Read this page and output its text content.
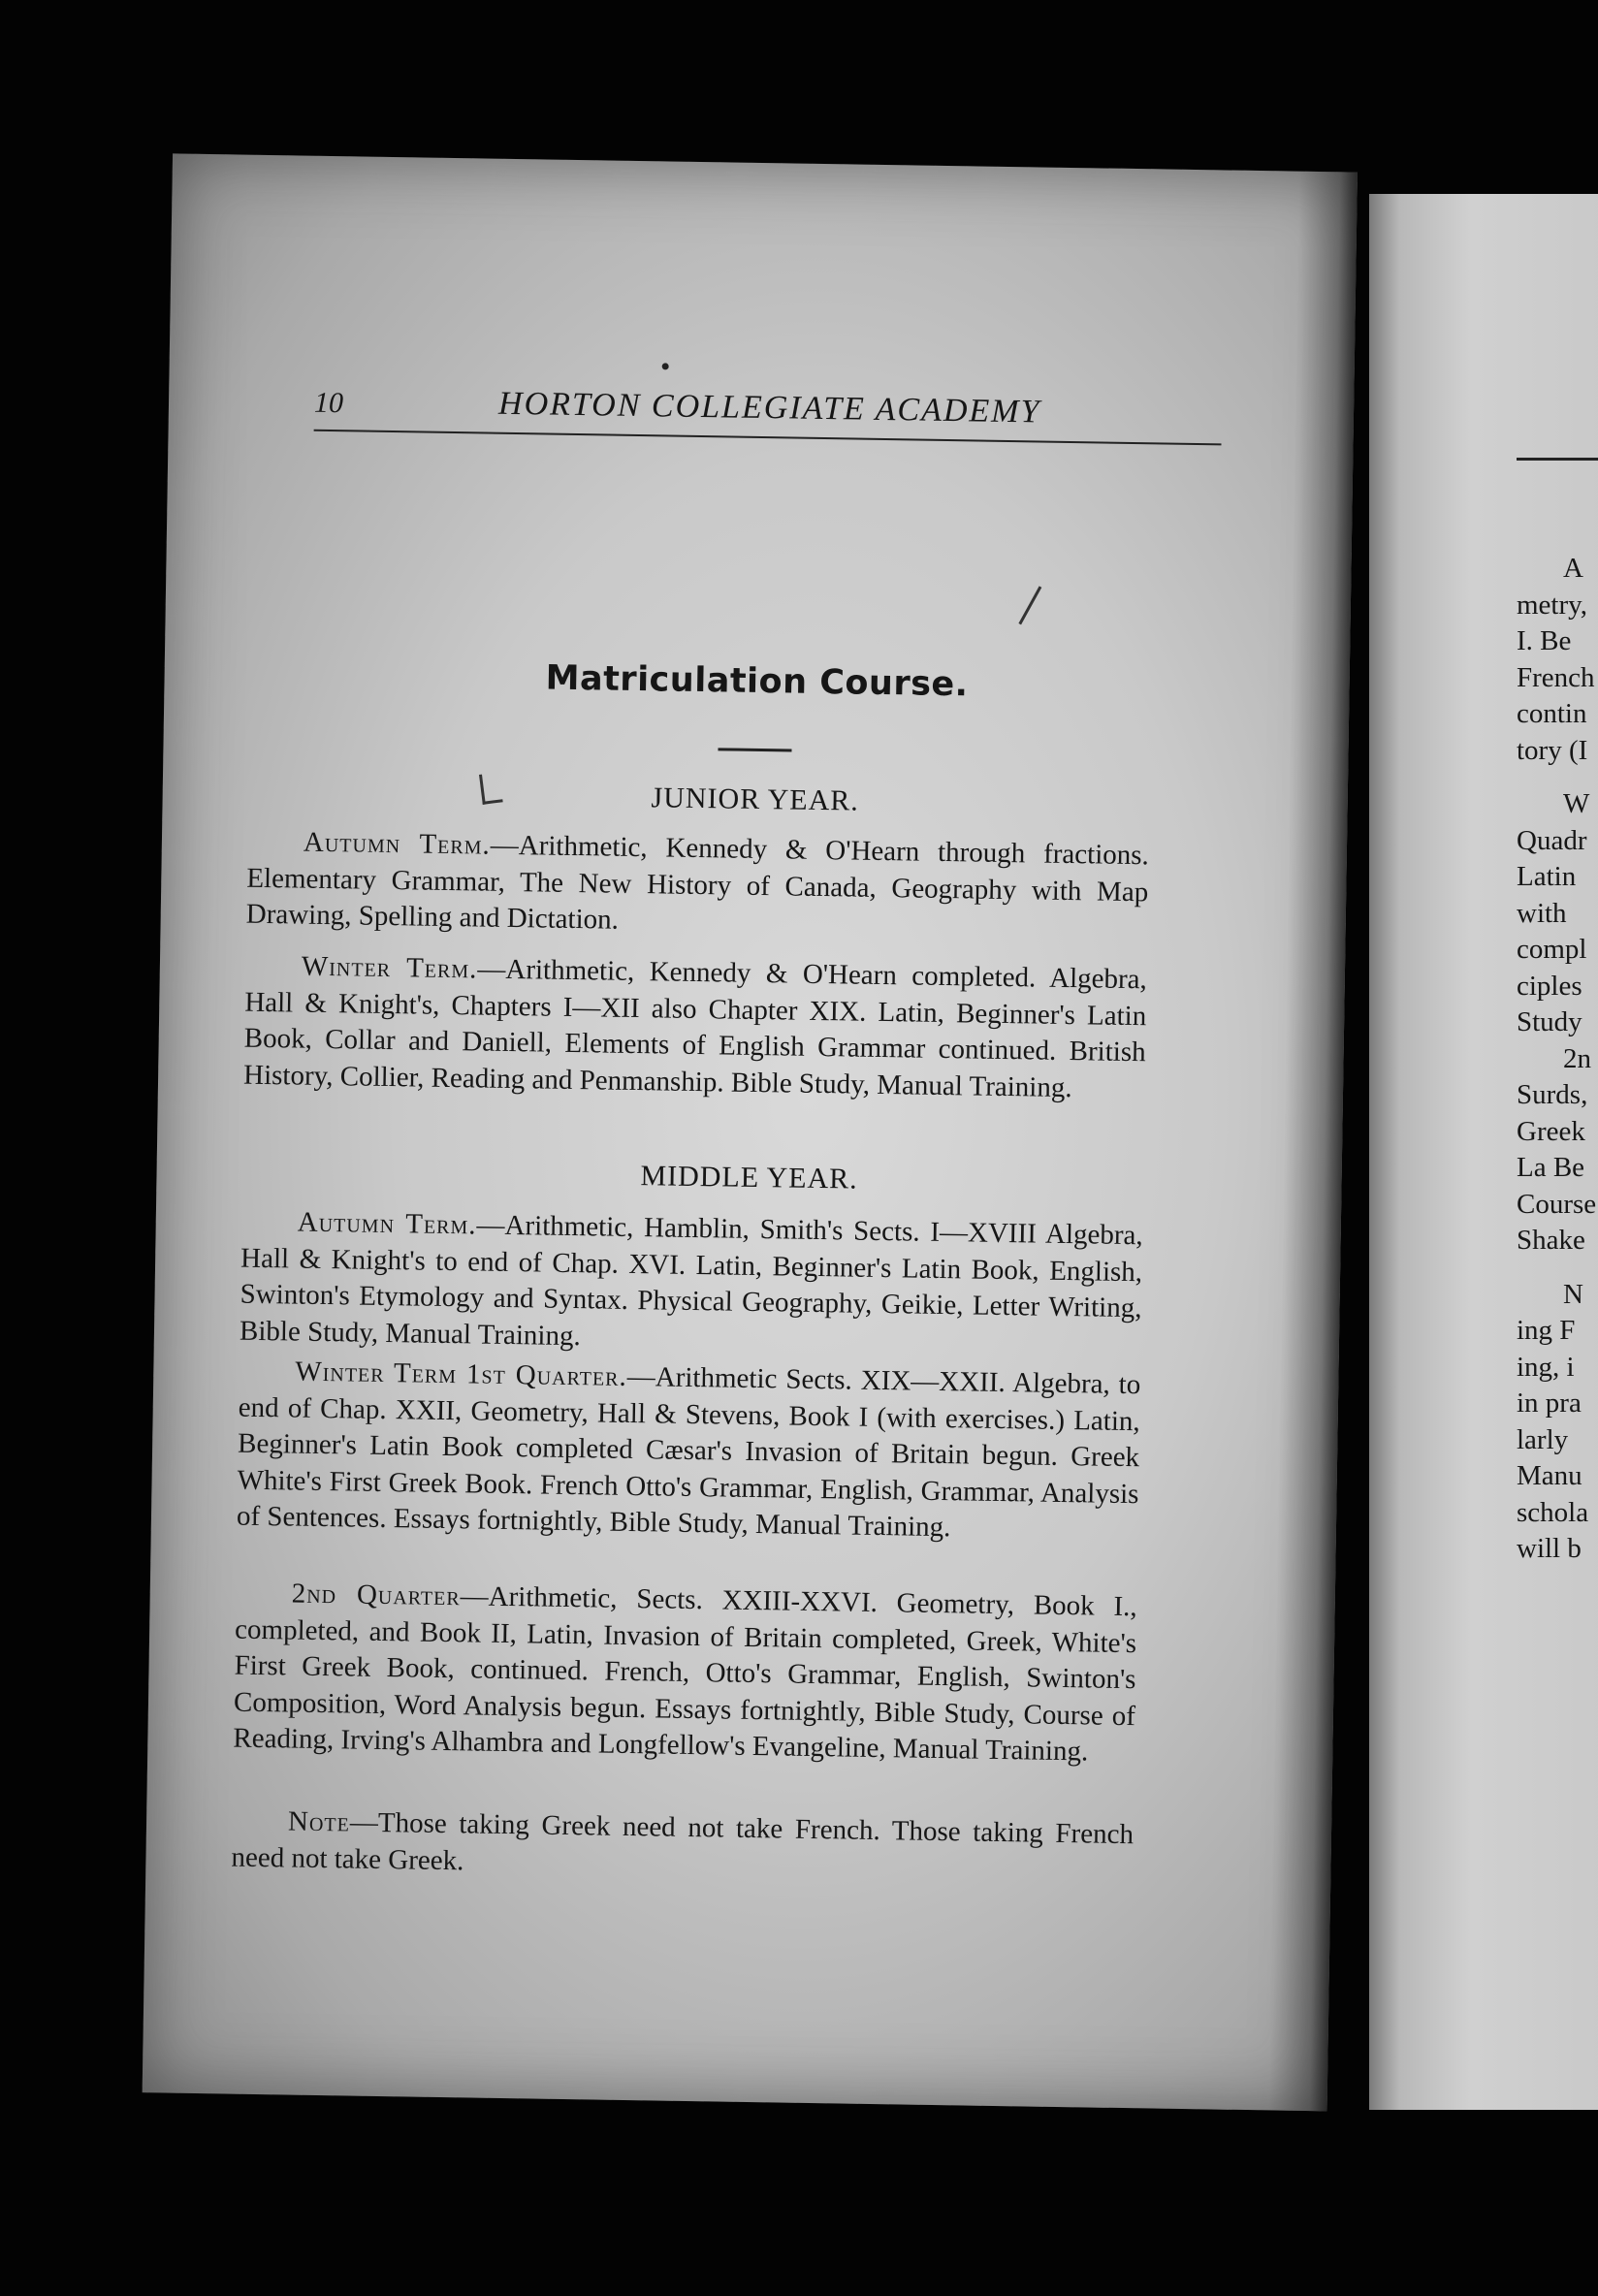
10	HORTON COLLEGIATE ACADEMY
Matriculation Course.
JUNIOR YEAR.
Autumn Term.—Arithmetic, Kennedy & O'Hearn through fractions. Elementary Grammar, The New History of Canada, Geography with Map Drawing, Spelling and Dictation.
Winter Term.—Arithmetic, Kennedy & O'Hearn completed. Algebra, Hall & Knight's, Chapters I—XII also Chapter XIX. Latin, Beginner's Latin Book, Collar and Daniell, Elements of English Grammar continued. British History, Collier, Reading and Penmanship. Bible Study, Manual Training.
MIDDLE YEAR.
Autumn Term.—Arithmetic, Hamblin, Smith's Sects. I—XVIII Algebra, Hall & Knight's to end of Chap. XVI. Latin, Beginner's Latin Book, English, Swinton's Etymology and Syntax. Physical Geography, Geikie, Letter Writing, Bible Study, Manual Training.
Winter Term 1st Quarter.—Arithmetic Sects. XIX—XXII. Algebra, to end of Chap. XXII, Geometry, Hall & Stevens, Book I (with exercises.) Latin, Beginner's Latin Book completed Cæsar's Invasion of Britain begun. Greek White's First Greek Book. French Otto's Grammar, English, Grammar, Analysis of Sentences. Essays fortnightly, Bible Study, Manual Training.
2nd Quarter—Arithmetic, Sects. XXIII-XXVI. Geometry, Book I., completed, and Book II, Latin, Invasion of Britain completed, Greek, White's First Greek Book, continued. French, Otto's Grammar, English, Swinton's Composition, Word Analysis begun. Essays fortnightly, Bible Study, Course of Reading, Irving's Alhambra and Longfellow's Evangeline, Manual Training.
Note—Those taking Greek need not take French. Those taking French need not take Greek.
A
metry,
I. Be
French
contin
tory (I
W
Quadr
Latin
with
compl
ciples
Study
2n
Surds,
Greek
La Be
Course
Shake
N
ing F
ing, i
in pra
larly
Manu
schola
will b
